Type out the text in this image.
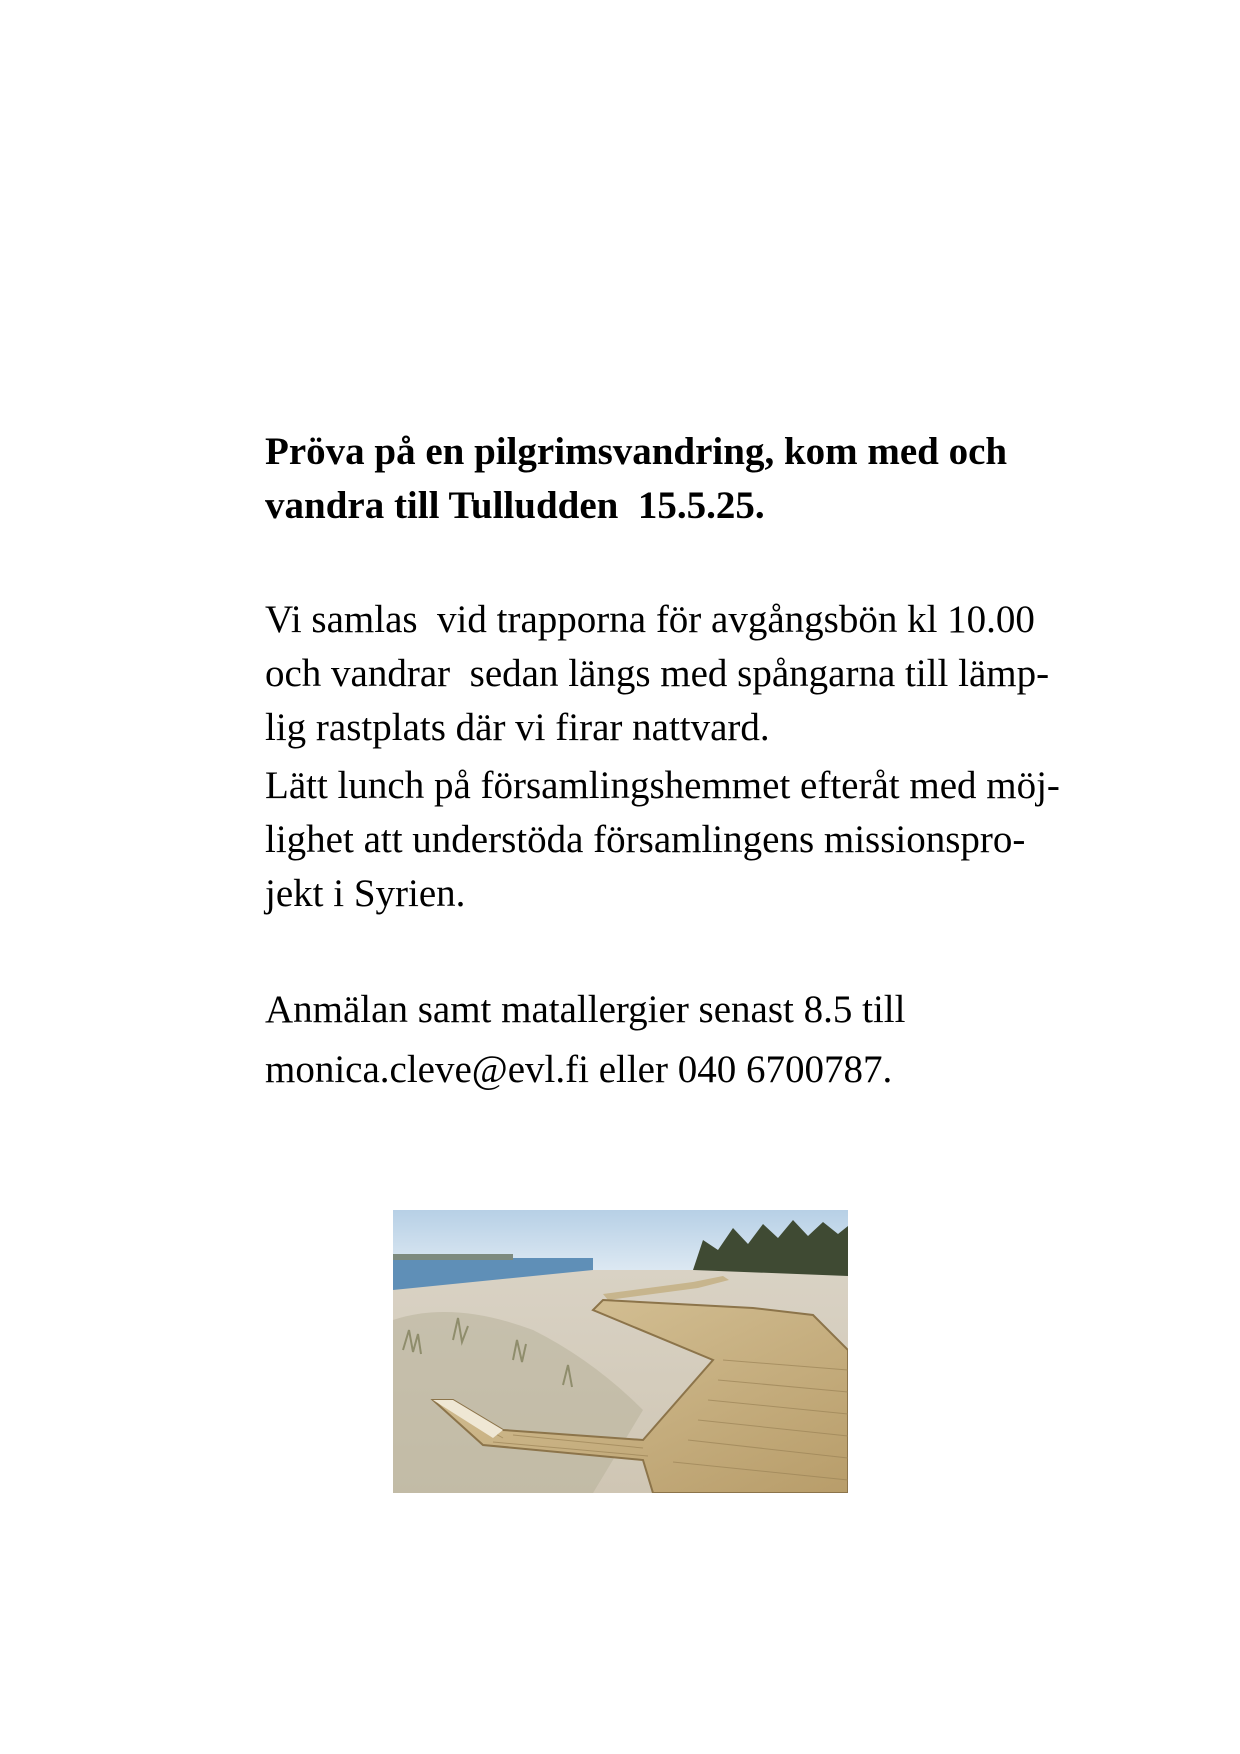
Pröva på en pilgrimsvandring, kom med och
vandra till Tulludden  15.5.25.
Vi samlas  vid trapporna för avgångsbön kl 10.00
och vandrar  sedan längs med spångarna till lämp-
lig rastplats där vi firar nattvard.
Lätt lunch på församlingshemmet efteråt med möj-
lighet att understöda församlingens missionspro-
jekt i Syrien.
Anmälan samt matallergier senast 8.5 till
monica.cleve@evl.fi eller 040 6700787.
